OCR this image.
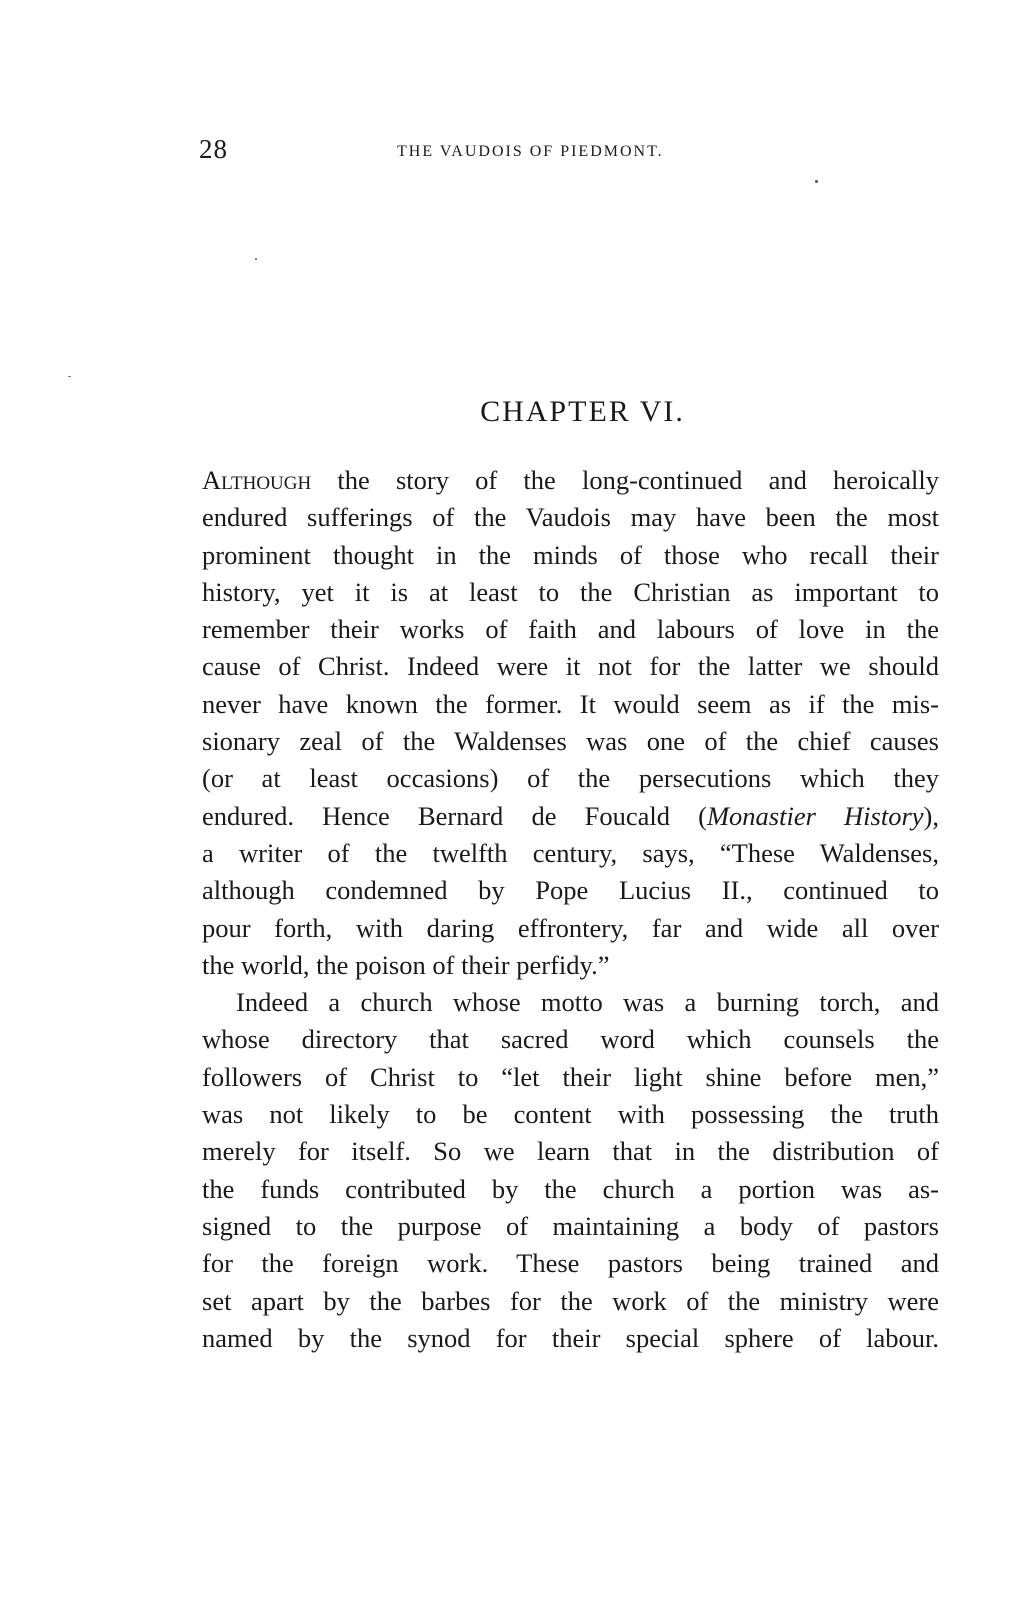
28	THE VAUDOIS OF PIEDMONT.
CHAPTER VI.
Although the story of the long-continued and heroically
endured sufferings of the Vaudois may have been the most
prominent thought in the minds of those who recall their
history, yet it is at least to the Christian as important to
remember their works of faith and labours of love in the
cause of Christ. Indeed were it not for the latter we should
never have known the former. It would seem as if the mis-
sionary zeal of the Waldenses was one of the chief causes
(or at least occasions) of the persecutions which they
endured. Hence Bernard de Foucald (Monastier History),
a writer of the twelfth century, says, “These Waldenses,
although condemned by Pope Lucius II., continued to
pour forth, with daring effrontery, far and wide all over
the world, the poison of their perfidy.”
Indeed a church whose motto was a burning torch, and
whose directory that sacred word which counsels the
followers of Christ to “let their light shine before men,”
was not likely to be content with possessing the truth
merely for itself. So we learn that in the distribution of
the funds contributed by the church a portion was as-
signed to the purpose of maintaining a body of pastors
for the foreign work. These pastors being trained and
set apart by the barbes for the work of the ministry were
named by the synod for their special sphere of labour.
